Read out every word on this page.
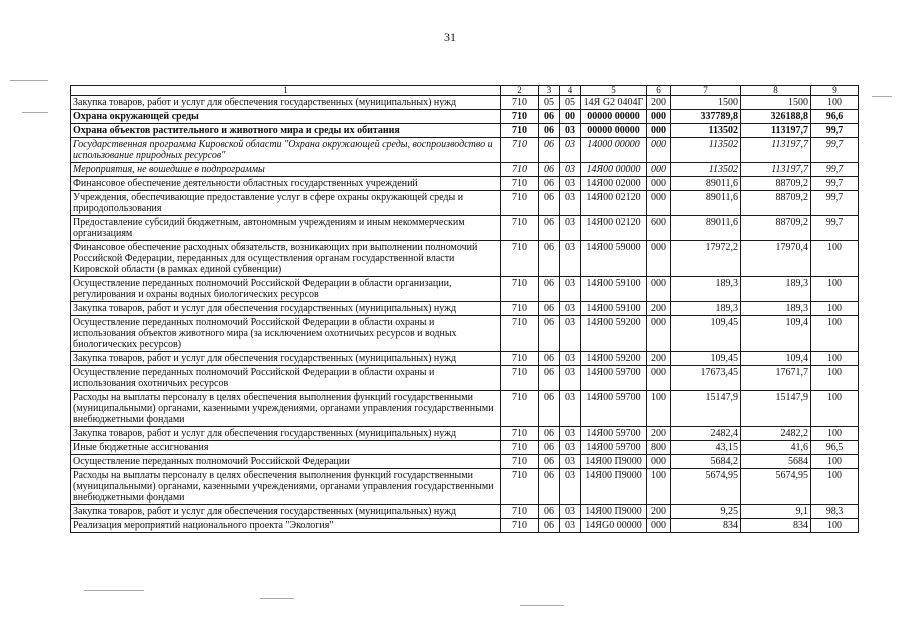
31
1	2	3	4	5	6	7	8	9
Закупка товаров, работ и услуг для обеспечения государственных (муниципальных) нужд	710	05	05	14Я G2 0404Г	200	1500	1500	100
Охрана окружающей среды	710	06	00	00000 00000	000	337789,8	326188,8	96,6
Охрана объектов растительного и животного мира и среды их обитания	710	06	03	00000 00000	000	113502	113197,7	99,7
Государственная программа Кировской области "Охрана окружающей среды, воспроизводство и использование природных ресурсов"	710	06	03	14000 00000	000	113502	113197,7	99,7
Мероприятия, не вошедшие в подпрограммы	710	06	03	14Я00 00000	000	113502	113197,7	99,7
Финансовое обеспечение деятельности областных государственных учреждений	710	06	03	14Я00 02000	000	89011,6	88709,2	99,7
Учреждения, обеспечивающие предоставление услуг в сфере охраны окружающей среды и природопользования	710	06	03	14Я00 02120	000	89011,6	88709,2	99,7
Предоставление субсидий бюджетным, автономным учреждениям и иным некоммерческим организациям	710	06	03	14Я00 02120	600	89011,6	88709,2	99,7
Финансовое обеспечение расходных обязательств, возникающих при выполнении полномочий Российской Федерации, переданных для осуществления органам государственной власти Кировской области (в рамках единой субвенции)	710	06	03	14Я00 59000	000	17972,2	17970,4	100
Осуществление переданных полномочий Российской Федерации в области организации, регулирования и охраны водных биологических ресурсов	710	06	03	14Я00 59100	000	189,3	189,3	100
Закупка товаров, работ и услуг для обеспечения государственных (муниципальных) нужд	710	06	03	14Я00 59100	200	189,3	189,3	100
Осуществление переданных полномочий Российской Федерации в области охраны и использования объектов животного мира (за исключением охотничьих ресурсов и водных биологических ресурсов)	710	06	03	14Я00 59200	000	109,45	109,4	100
Закупка товаров, работ и услуг для обеспечения государственных (муниципальных) нужд	710	06	03	14Я00 59200	200	109,45	109,4	100
Осуществление переданных полномочий Российской Федерации в области охраны и использования охотничьих ресурсов	710	06	03	14Я00 59700	000	17673,45	17671,7	100
Расходы на выплаты персоналу в целях обеспечения выполнения функций государственными (муниципальными) органами, казенными учреждениями, органами управления государственными внебюджетными фондами	710	06	03	14Я00 59700	100	15147,9	15147,9	100
Закупка товаров, работ и услуг для обеспечения государственных (муниципальных) нужд	710	06	03	14Я00 59700	200	2482,4	2482,2	100
Иные бюджетные ассигнования	710	06	03	14Я00 59700	800	43,15	41,6	96,5
Осуществление переданных полномочий Российской Федерации	710	06	03	14Я00 П9000	000	5684,2	5684	100
Расходы на выплаты персоналу в целях обеспечения выполнения функций государственными (муниципальными) органами, казенными учреждениями, органами управления государственными внебюджетными фондами	710	06	03	14Я00 П9000	100	5674,95	5674,95	100
Закупка товаров, работ и услуг для обеспечения государственных (муниципальных) нужд	710	06	03	14Я00 П9000	200	9,25	9,1	98,3
Реализация мероприятий национального проекта "Экология"	710	06	03	14ЯG0 00000	000	834	834	100
